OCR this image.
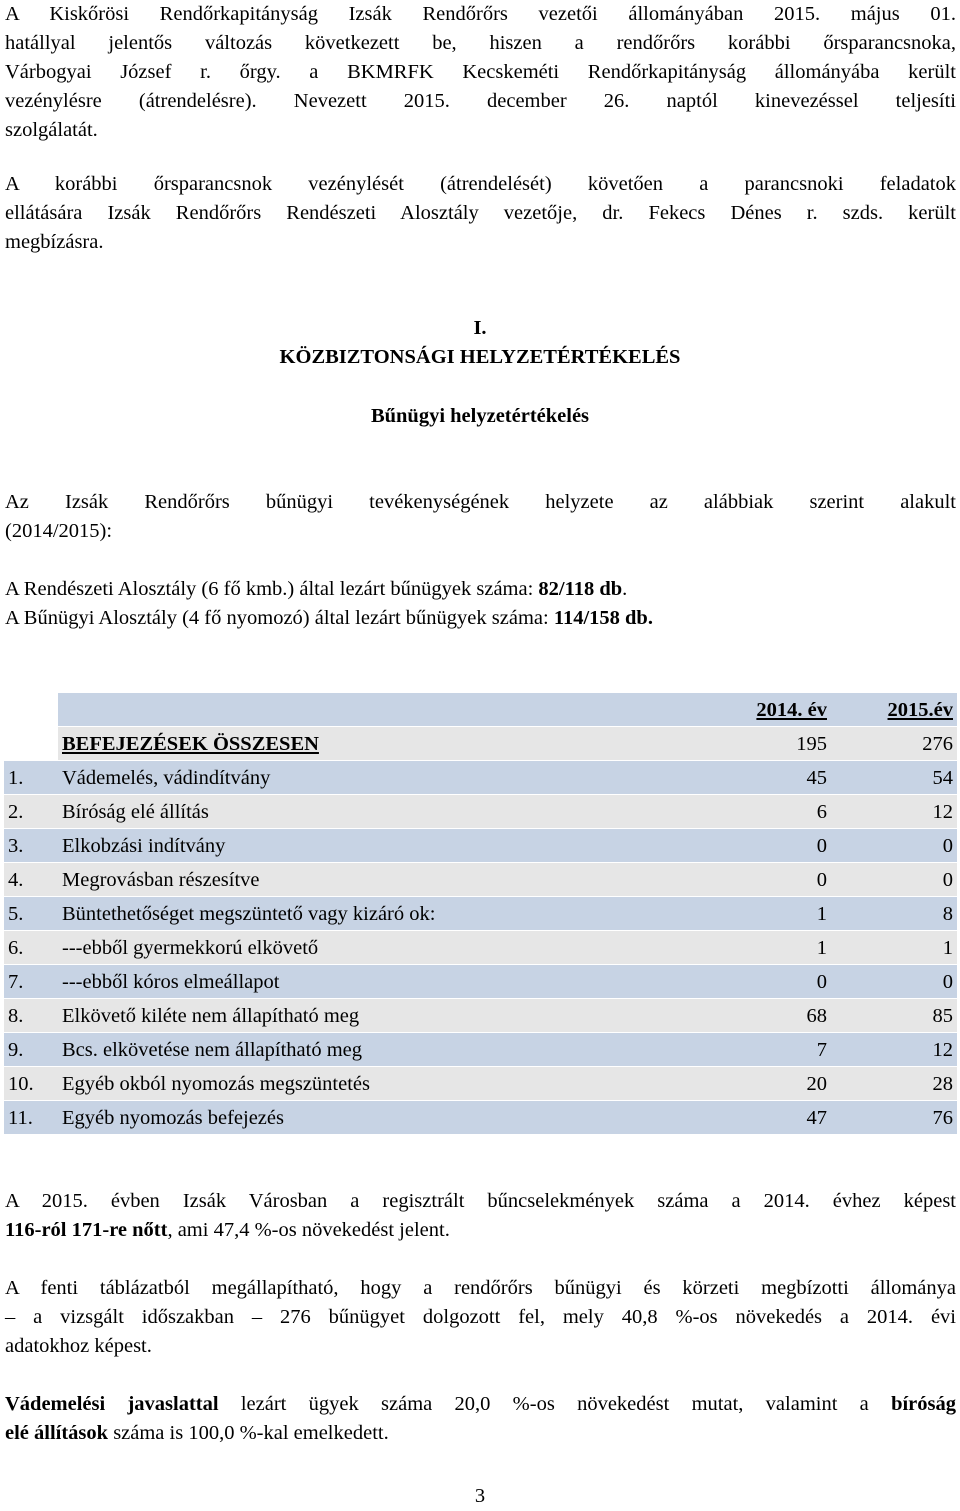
A Kiskőrösi Rendőrkapitányság Izsák Rendőrőrs vezetői állományában 2015. május 01.
hatállyal jelentős változás következett be, hiszen a rendőrőrs korábbi őrsparancsnoka,
Várbogyai József r. őrgy. a BKMRFK Kecskeméti Rendőrkapitányság állományába került
vezénylésre (átrendelésre). Nevezett 2015. december 26. naptól kinevezéssel teljesíti
szolgálatát.
A korábbi őrsparancsnok vezénylését (átrendelését) követően a parancsnoki feladatok
ellátására Izsák Rendőrőrs Rendészeti Alosztály vezetője, dr. Fekecs Dénes r. szds. került
megbízásra.
I.
KÖZBIZTONSÁGI HELYZETÉRTÉKELÉS
Bűnügyi helyzetértékelés
Az Izsák Rendőrőrs bűnügyi tevékenységének helyzete az alábbiak szerint alakult
(2014/2015):
A Rendészeti Alosztály (6 fő kmb.) által lezárt bűnügyek száma: 82/118 db.
A Bűnügyi Alosztály (4 fő nyomozó) által lezárt bűnügyek száma: 114/158 db.
		2014. év	2015.év
	BEFEJEZÉSEK ÖSSZESEN	195	276
1.	Vádemelés, vádindítvány	45	54
2.	Bíróság elé állítás	6	12
3.	Elkobzási indítvány	0	0
4.	Megrovásban részesítve	0	0
5.	Büntethetőséget megszüntető vagy kizáró ok:	1	8
6.	---ebből gyermekkorú elkövető	1	1
7.	---ebből kóros elmeállapot	0	0
8.	Elkövető kiléte nem állapítható meg	68	85
9.	Bcs. elkövetése nem állapítható meg	7	12
10.	Egyéb okból nyomozás megszüntetés	20	28
11.	Egyéb nyomozás befejezés	47	76
A 2015. évben Izsák Városban a regisztrált bűncselekmények száma a 2014. évhez képest
116-ról 171-re nőtt, ami 47,4 %-os növekedést jelent.
A fenti táblázatból megállapítható, hogy a rendőrőrs bűnügyi és körzeti megbízotti állománya
– a vizsgált időszakban – 276 bűnügyet dolgozott fel, mely 40,8 %-os növekedés a 2014. évi
adatokhoz képest.
Vádemelési javaslattal lezárt ügyek száma 20,0 %-os növekedést mutat, valamint a bíróság
elé állítások száma is 100,0 %-kal emelkedett.
3
